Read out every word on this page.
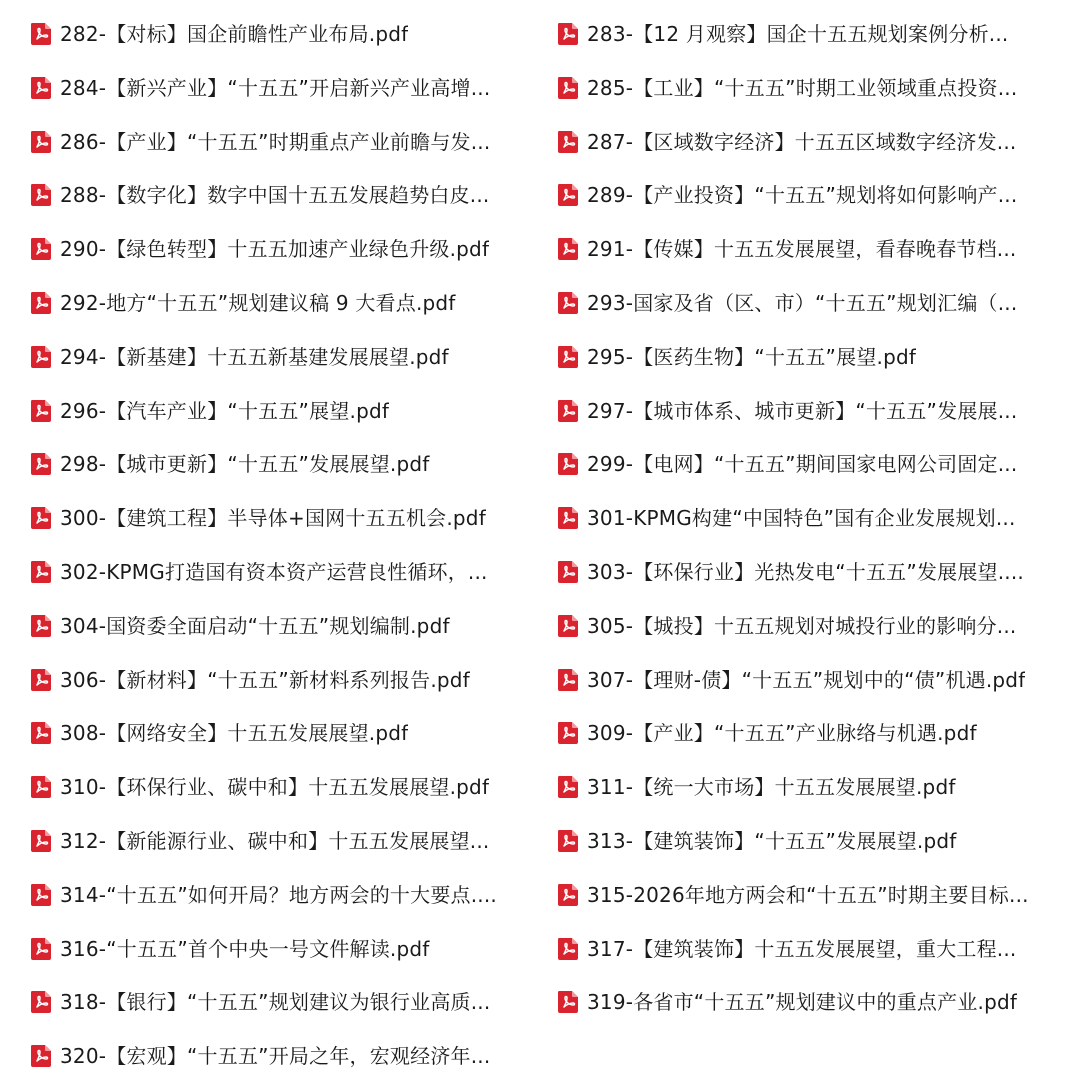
282-【对标】国企前瞻性产业布局.pdf	283-【12 月观察】国企十五五规划案例分析...
284-【新兴产业】“十五五”开启新兴产业高增...	285-【工业】“十五五”时期工业领域重点投资...
286-【产业】“十五五”时期重点产业前瞻与发...	287-【区域数字经济】十五五区域数字经济发...
288-【数字化】数字中国十五五发展趋势白皮...	289-【产业投资】“十五五”规划将如何影响产...
290-【绿色转型】十五五加速产业绿色升级.pdf	291-【传媒】十五五发展展望，看春晚春节档...
292-地方“十五五”规划建议稿 9 大看点.pdf	293-国家及省（区、市）“十五五”规划汇编（...
294-【新基建】十五五新基建发展展望.pdf	295-【医药生物】“十五五”展望.pdf
296-【汽车产业】“十五五”展望.pdf	297-【城市体系、城市更新】“十五五”发展展...
298-【城市更新】“十五五”发展展望.pdf	299-【电网】“十五五”期间国家电网公司固定...
300-【建筑工程】半导体+国网十五五机会.pdf	301-KPMG构建“中国特色”国有企业发展规划...
302-KPMG打造国有资本资产运营良性循环，...	303-【环保行业】光热发电“十五五”发展展望....
304-国资委全面启动“十五五”规划编制.pdf	305-【城投】十五五规划对城投行业的影响分...
306-【新材料】“十五五”新材料系列报告.pdf	307-【理财-债】“十五五”规划中的“债”机遇.pdf
308-【网络安全】十五五发展展望.pdf	309-【产业】“十五五”产业脉络与机遇.pdf
310-【环保行业、碳中和】十五五发展展望.pdf	311-【统一大市场】十五五发展展望.pdf
312-【新能源行业、碳中和】十五五发展展望...	313-【建筑装饰】“十五五”发展展望.pdf
314-“十五五”如何开局？地方两会的十大要点....	315-2026年地方两会和“十五五”时期主要目标...
316-“十五五”首个中央一号文件解读.pdf	317-【建筑装饰】十五五发展展望，重大工程...
318-【银行】“十五五”规划建议为银行业高质...	319-各省市“十五五”规划建议中的重点产业.pdf
320-【宏观】“十五五”开局之年，宏观经济年...
